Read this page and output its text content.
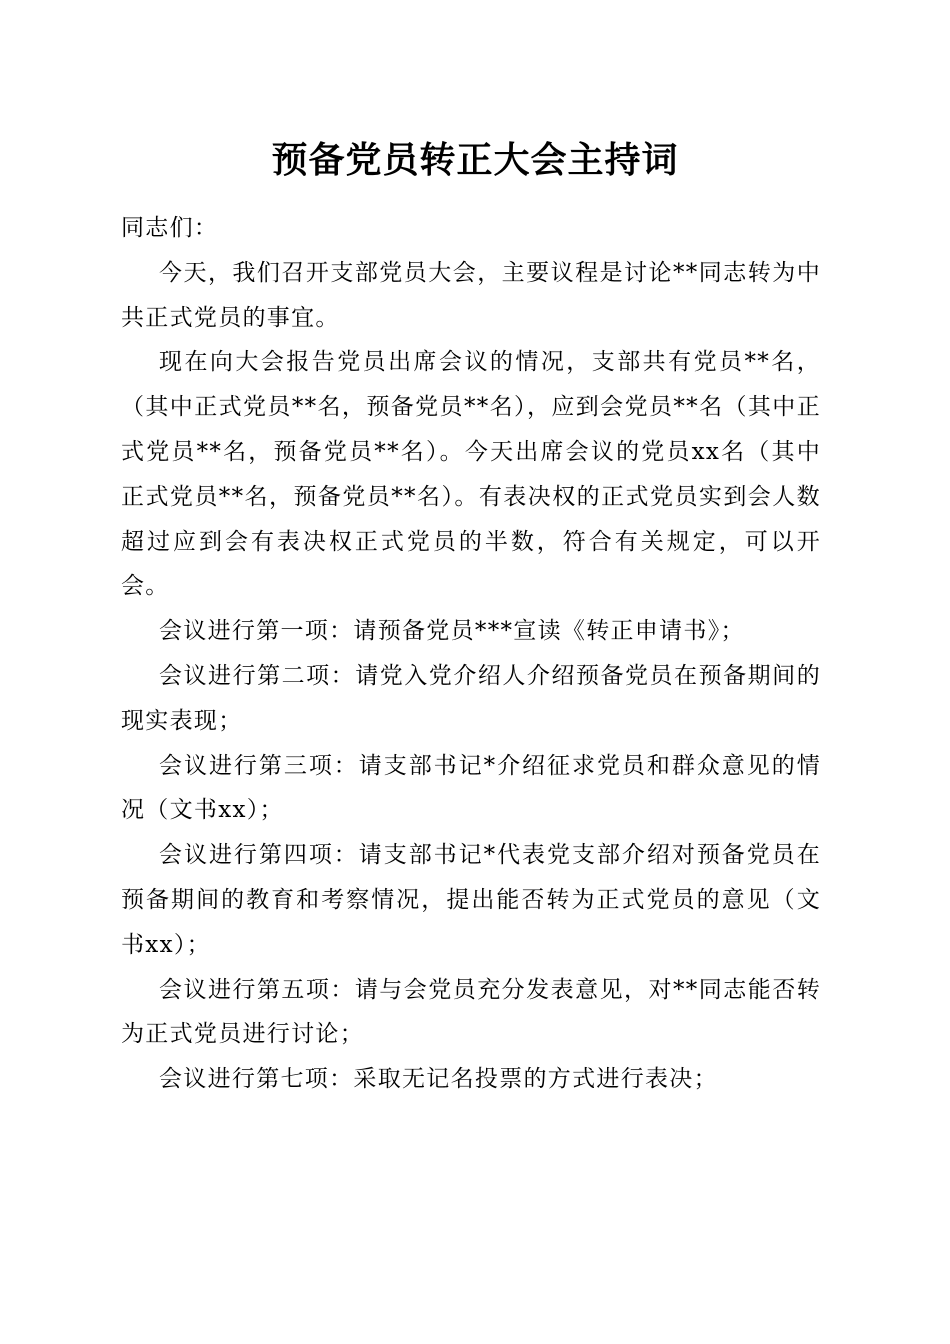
预备党员转正大会主持词

同志们：

今天，我们召开支部党员大会，主要议程是讨论**同志转为中共正式党员的事宜。

现在向大会报告党员出席会议的情况，支部共有党员**名，（其中正式党员**名，预备党员**名），应到会党员**名（其中正式党员**名，预备党员**名）。今天出席会议的党员xx名（其中正式党员**名，预备党员**名）。有表决权的正式党员实到会人数超过应到会有表决权正式党员的半数，符合有关规定，可以开会。

会议进行第一项：请预备党员***宣读《转正申请书》；

会议进行第二项：请党入党介绍人介绍预备党员在预备期间的现实表现；

会议进行第三项：请支部书记*介绍征求党员和群众意见的情况（文书xx）；

会议进行第四项：请支部书记*代表党支部介绍对预备党员在预备期间的教育和考察情况，提出能否转为正式党员的意见（文书xx）；

会议进行第五项：请与会党员充分发表意见，对**同志能否转为正式党员进行讨论；

会议进行第七项：采取无记名投票的方式进行表决；
